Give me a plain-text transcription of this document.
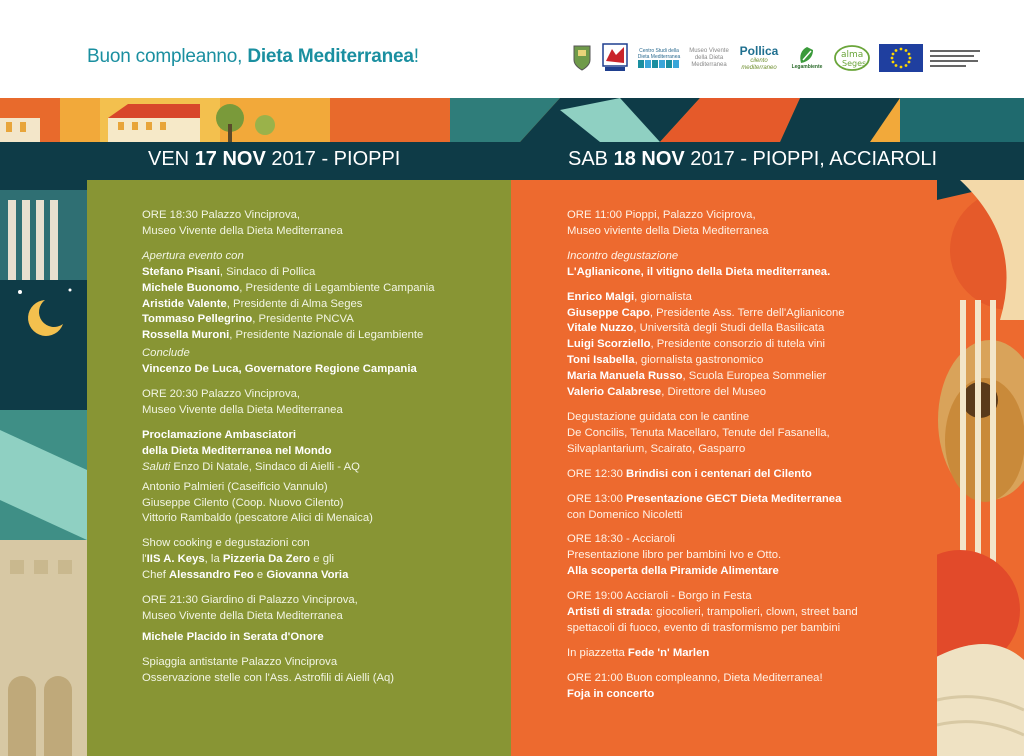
Buon compleanno, Dieta Mediterranea!	Centro Studi della Dieta Mediterranea
Museo Vivente della Dieta Mediterranea
Pollica
cilento mediterraneo	Legambiente
alma
Seges
VEN 17 NOV 2017 - PIOPPI	SAB 18 NOV 2017 - PIOPPI, ACCIAROLI

ORE 18:30 Palazzo Vinciprova,

Museo Vivente della Dieta Mediterranea

Apertura evento con

Stefano Pisani, Sindaco di Pollica

Michele Buonomo, Presidente di Legambiente Campania

Aristide Valente, Presidente di Alma Seges

Tommaso Pellegrino, Presidente PNCVA

Rossella Muroni, Presidente Nazionale di Legambiente

Conclude

Vincenzo De Luca, Governatore Regione Campania

ORE 20:30 Palazzo Vinciprova,

Museo Vivente della Dieta Mediterranea

Proclamazione Ambasciatori

della Dieta Mediterranea nel Mondo

Saluti Enzo Di Natale, Sindaco di Aielli - AQ

Antonio Palmieri (Caseificio Vannulo)

Giuseppe Cilento (Coop. Nuovo Cilento)

Vittorio Rambaldo (pescatore Alici di Menaica)

Show cooking e degustazioni con

l'IIS A. Keys, la Pizzeria Da Zero e gli

Chef Alessandro Feo e Giovanna Voria

ORE 21:30 Giardino di Palazzo Vinciprova,

Museo Vivente della Dieta Mediterranea

Michele Placido in Serata d'Onore

Spiaggia antistante Palazzo Vinciprova

Osservazione stelle con l'Ass. Astrofili di Aielli (Aq)

ORE 11:00 Pioppi, Palazzo Viciprova,

Museo viviente della Dieta Mediterranea

Incontro degustazione

L'Aglianicone, il vitigno della Dieta mediterranea.

Enrico Malgi, giornalista

Giuseppe Capo, Presidente Ass. Terre dell'Aglianicone

Vitale Nuzzo, Università degli Studi della Basilicata

Luigi Scorziello, Presidente consorzio di tutela vini

Toni Isabella, giornalista gastronomico

Maria Manuela Russo, Scuola Europea Sommelier

Valerio Calabrese, Direttore del Museo

Degustazione guidata con le cantine

De Concilis, Tenuta Macellaro, Tenute del Fasanella,

Silvaplantarium, Scairato, Gasparro

ORE 12:30 Brindisi con i centenari del Cilento

ORE 13:00 Presentazione GECT Dieta Mediterranea

con Domenico Nicoletti

ORE 18:30 - Acciaroli

Presentazione libro per bambini Ivo e Otto.

Alla scoperta della Piramide Alimentare

ORE 19:00 Acciaroli - Borgo in Festa

Artisti di strada: giocolieri, trampolieri, clown, street band

spettacoli di fuoco, evento di trasformismo per bambini

In piazzetta Fede 'n' Marlen

ORE 21:00 Buon compleanno, Dieta Mediterranea!

Foja in concerto
